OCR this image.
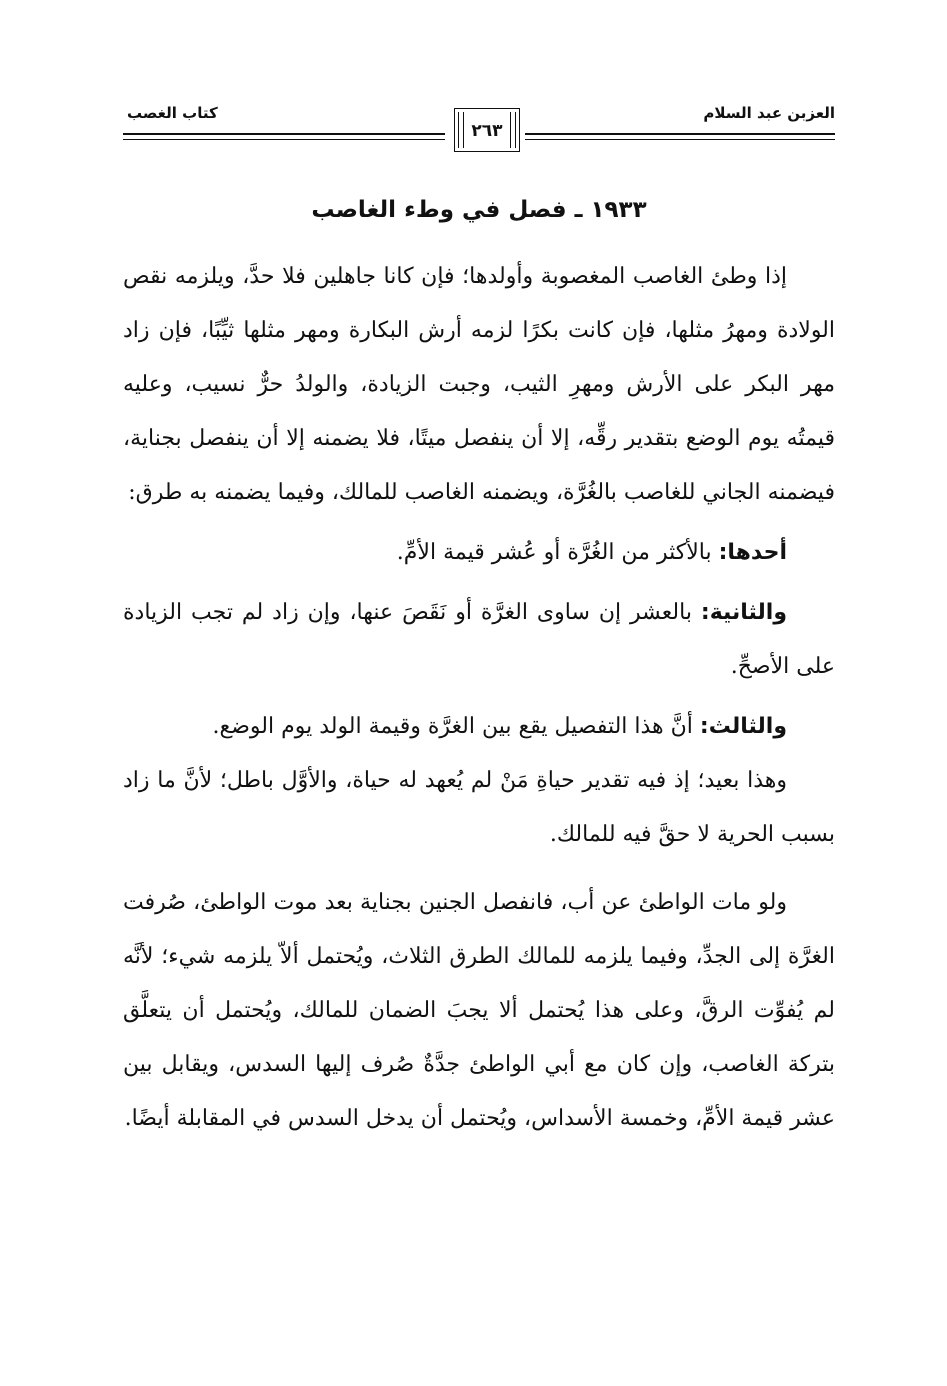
كتاب الغصب	العزبن عبد السلام
٢٦٣
١٩٣٣ ـ فصل في وطء الغاصب

إذا وطئ الغاصب المغصوبة وأولدها؛ فإن كانا جاهلين فلا حدَّ، ويلزمه نقص الولادة ومهرُ مثلها، فإن كانت بكرًا لزمه أرش البكارة ومهر مثلها ثيِّبًا، فإن زاد مهر البكر على الأرش ومهرِ الثيب، وجبت الزيادة، والولدُ حرٌّ نسيب، وعليه قيمتُه يوم الوضع بتقدير رقِّه، إلا أن ينفصل ميتًا، فلا يضمنه إلا أن ينفصل بجناية، فيضمنه الجاني للغاصب بالغُرَّة، ويضمنه الغاصب للمالك، وفيما يضمنه به طرق:

أحدها: بالأكثر من الغُرَّة أو عُشر قيمة الأمِّ.

والثانية: بالعشر إن ساوى الغرَّة أو نَقَصَ عنها، وإن زاد لم تجب الزيادة على الأصحِّ.

والثالث: أنَّ هذا التفصيل يقع بين الغرَّة وقيمة الولد يوم الوضع.

وهذا بعيد؛ إذ فيه تقدير حياةِ مَنْ لم يُعهد له حياة، والأوَّل باطل؛ لأنَّ ما زاد بسبب الحرية لا حقَّ فيه للمالك.

ولو مات الواطئ عن أب، فانفصل الجنين بجناية بعد موت الواطئ، صُرفت الغرَّة إلى الجدِّ، وفيما يلزمه للمالك الطرق الثلاث، ويُحتمل ألاّ يلزمه شيء؛ لأنَّه لم يُفوِّت الرقَّ، وعلى هذا يُحتمل ألا يجبَ الضمان للمالك، ويُحتمل أن يتعلَّق بتركة الغاصب، وإن كان مع أبي الواطئ جدَّةٌ صُرف إليها السدس، ويقابل بين عشر قيمة الأمِّ، وخمسة الأسداس، ويُحتمل أن يدخل السدس في المقابلة أيضًا.
